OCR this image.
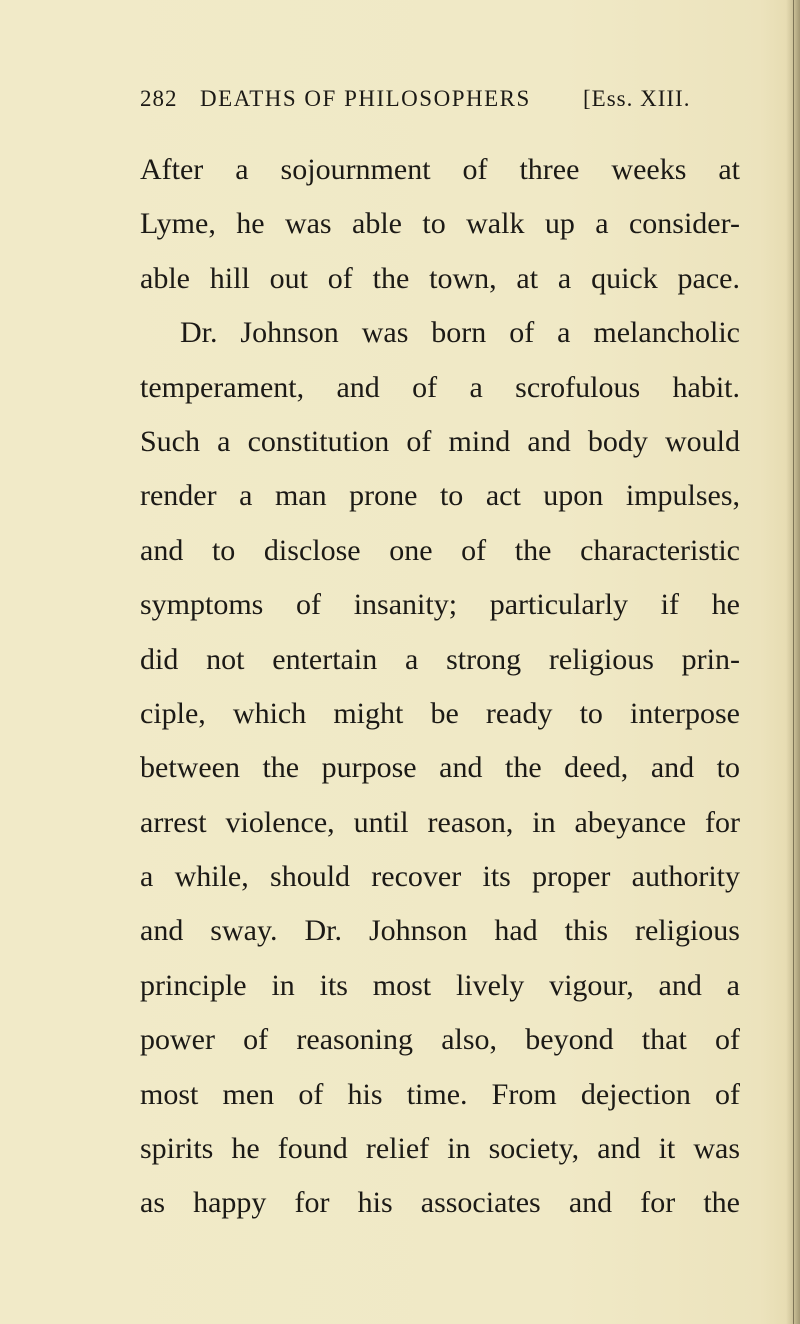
282 DEATHS OF PHILOSOPHERS [Ess. XIII.
After a sojournment of three weeks at
Lyme, he was able to walk up a consider-
able hill out of the town, at a quick pace.
Dr. Johnson was born of a melancholic
temperament, and of a scrofulous habit.
Such a constitution of mind and body would
render a man prone to act upon impulses,
and to disclose one of the characteristic
symptoms of insanity; particularly if he
did not entertain a strong religious prin-
ciple, which might be ready to interpose
between the purpose and the deed, and to
arrest violence, until reason, in abeyance for
a while, should recover its proper authority
and sway. Dr. Johnson had this religious
principle in its most lively vigour, and a
power of reasoning also, beyond that of
most men of his time. From dejection of
spirits he found relief in society, and it was
as happy for his associates and for the
